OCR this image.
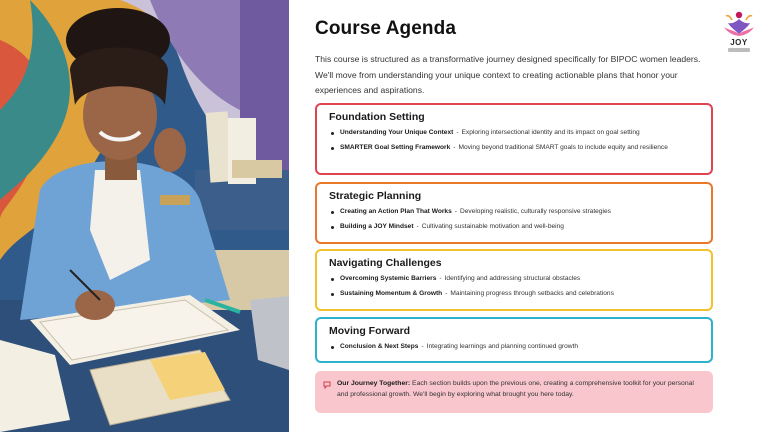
JOY
Course Agenda

This course is structured as a transformative journey designed specifically for BIPOC women leaders. We'll move from understanding your unique context to creating actionable plans that honor your experiences and aspirations.

Foundation Setting
Understanding Your Unique Context - Exploring intersectional identity and its impact on goal setting
SMARTER Goal Setting Framework - Moving beyond traditional SMART goals to include equity and resilience
Strategic Planning
Creating an Action Plan That Works - Developing realistic, culturally responsive strategies
Building a JOY Mindset - Cultivating sustainable motivation and well-being
Navigating Challenges
Overcoming Systemic Barriers - Identifying and addressing structural obstacles
Sustaining Momentum & Growth - Maintaining progress through setbacks and celebrations
Moving Forward
Conclusion & Next Steps - Integrating learnings and planning continued growth

Our Journey Together: Each section builds upon the previous one, creating a comprehensive toolkit for your personal and professional growth. We'll begin by exploring what brought you here today.
